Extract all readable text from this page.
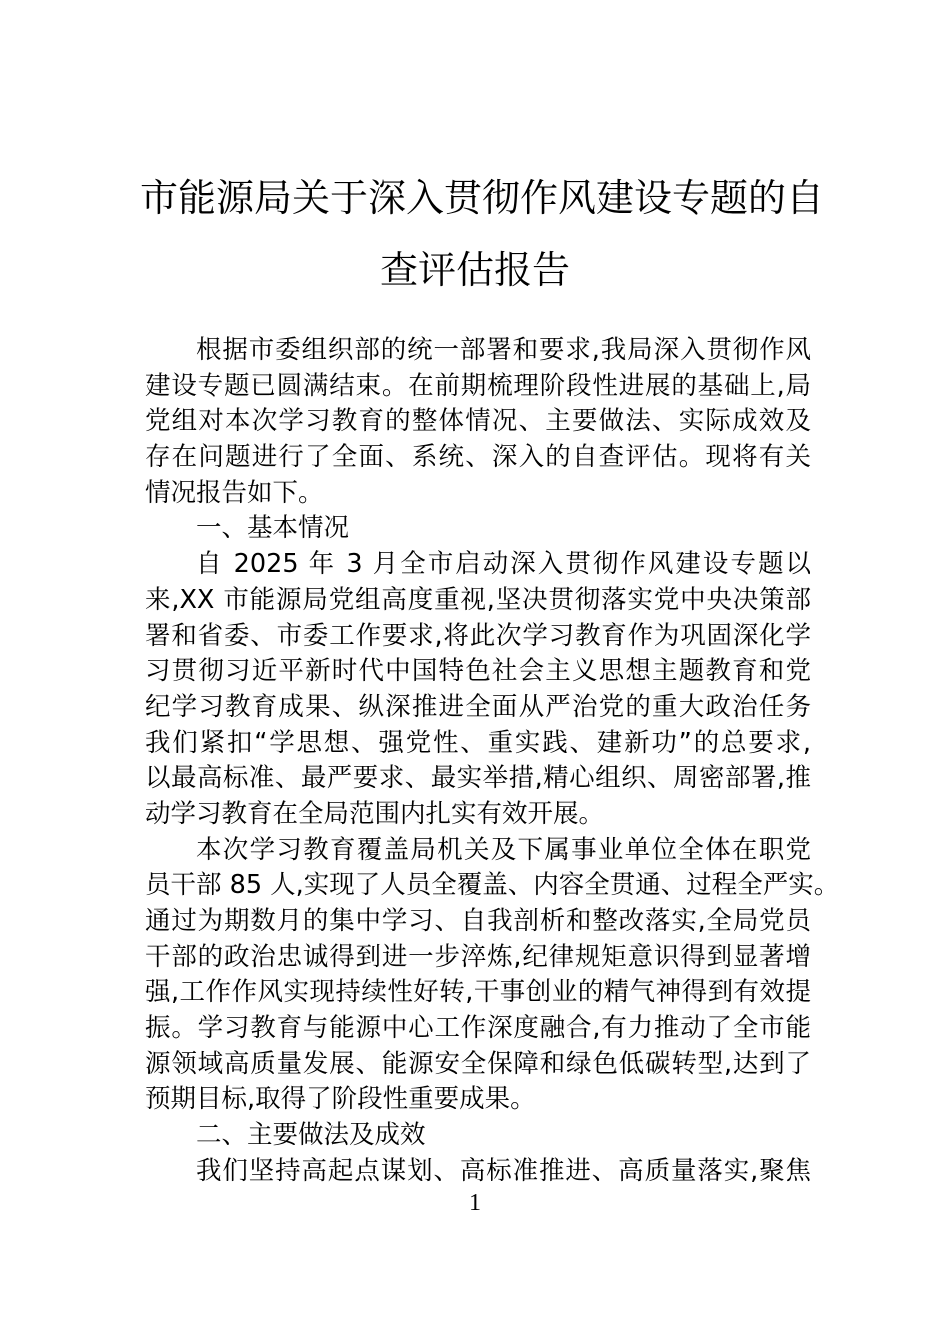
市能源局关于深入贯彻作风建设专题的自
查评估报告
根据市委组织部的统一部署和要求,我局深入贯彻作风
建设专题已圆满结束。在前期梳理阶段性进展的基础上,局
党组对本次学习教育的整体情况、主要做法、实际成效及
存在问题进行了全面、系统、深入的自查评估。现将有关
情况报告如下。
一、基本情况
自 2025 年 3 月全市启动深入贯彻作风建设专题以
来,XX 市能源局党组高度重视,坚决贯彻落实党中央决策部
署和省委、市委工作要求,将此次学习教育作为巩固深化学
习贯彻习近平新时代中国特色社会主义思想主题教育和党
纪学习教育成果、纵深推进全面从严治党的重大政治任务
我们紧扣“学思想、强党性、重实践、建新功”的总要求,
以最高标准、最严要求、最实举措,精心组织、周密部署,推
动学习教育在全局范围内扎实有效开展。
本次学习教育覆盖局机关及下属事业单位全体在职党
员干部 85 人,实现了人员全覆盖、内容全贯通、过程全严实。
通过为期数月的集中学习、自我剖析和整改落实,全局党员
干部的政治忠诚得到进一步淬炼,纪律规矩意识得到显著增
强,工作作风实现持续性好转,干事创业的精气神得到有效提
振。学习教育与能源中心工作深度融合,有力推动了全市能
源领域高质量发展、能源安全保障和绿色低碳转型,达到了
预期目标,取得了阶段性重要成果。
二、主要做法及成效
我们坚持高起点谋划、高标准推进、高质量落实,聚焦
1
